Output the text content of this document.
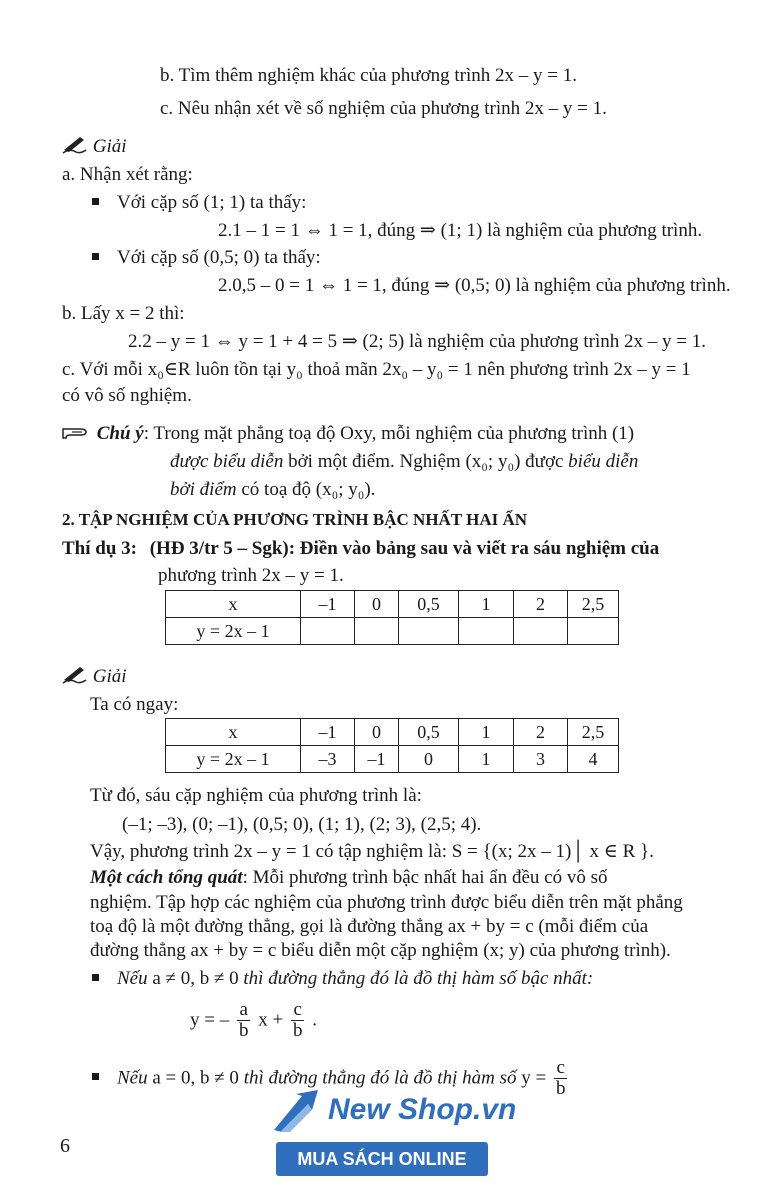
b. Tìm thêm nghiệm khác của phương trình 2x – y = 1.
c. Nêu nhận xét về số nghiệm của phương trình 2x – y = 1.
Giải
a. Nhận xét rằng:
Với cặp số (1; 1) ta thấy:
2.1 – 1 = 1 ⇔ 1 = 1, đúng ⇒ (1; 1) là nghiệm của phương trình.
Với cặp số (0,5; 0) ta thấy:
2.0,5 – 0 = 1 ⇔ 1 = 1, đúng ⇒ (0,5; 0) là nghiệm của phương trình.
b. Lấy x = 2 thì:
2.2 – y = 1 ⇔ y = 1 + 4 = 5 ⇒ (2; 5) là nghiệm của phương trình 2x – y = 1.
c. Với mỗi x₀∈R luôn tồn tại y₀ thoả mãn 2x₀ – y₀ = 1 nên phương trình 2x – y = 1
có vô số nghiệm.
Chú ý: Trong mặt phẳng toạ độ Oxy, mỗi nghiệm của phương trình (1)
được biểu diễn bởi một điểm. Nghiệm (x₀; y₀) được biểu diễn
bởi điểm có toạ độ (x₀; y₀).
2. TẬP NGHIỆM CỦA PHƯƠNG TRÌNH BẬC NHẤT HAI ẨN
Thí dụ 3: (HĐ 3/tr 5 – Sgk): Điền vào bảng sau và viết ra sáu nghiệm của
phương trình 2x – y = 1.
x	–1	0	0,5	1	2	2,5
y = 2x – 1						
Giải
Ta có ngay:
x	–1	0	0,5	1	2	2,5
y = 2x – 1	–3	–1	0	1	3	4
Từ đó, sáu cặp nghiệm của phương trình là:
(–1; –3), (0; –1), (0,5; 0), (1; 1), (2; 3), (2,5; 4).
Vậy, phương trình 2x – y = 1 có tập nghiệm là: S = {(x; 2x – 1)│ x ∈ R }.
Một cách tổng quát: Mỗi phương trình bậc nhất hai ẩn đều có vô số
nghiệm. Tập hợp các nghiệm của phương trình được biểu diễn trên mặt phẳng
toạ độ là một đường thẳng, gọi là đường thẳng ax + by = c (mỗi điểm của
đường thẳng ax + by = c biểu diễn một cặp nghiệm (x; y) của phương trình).
Nếu a ≠ 0, b ≠ 0 thì đường thẳng đó là đồ thị hàm số bậc nhất:
y = – $\frac{a}{b}$ $x + \frac{c}{b}$ .
Nếu a = 0, b ≠ 0 thì đường thẳng đó là đồ thị hàm số $y = \frac{c}{b}$
6
New Shop.vn
MUA SÁCH ONLINE
